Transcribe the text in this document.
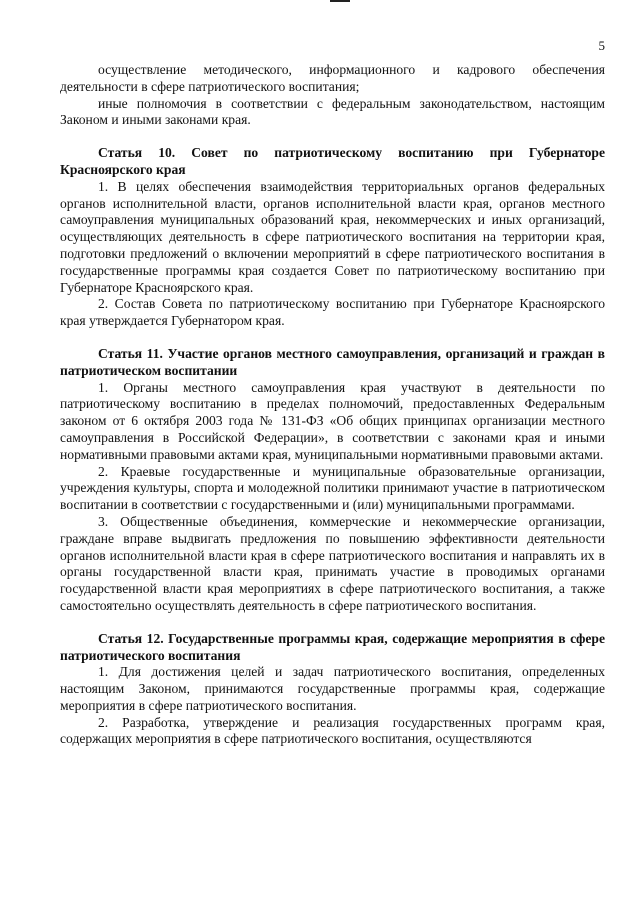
5

осуществление методического, информационного и кадрового обеспечения деятельности в сфере патриотического воспитания;

иные полномочия в соответствии с федеральным законодательством, настоящим Законом и иными законами края.

Статья 10. Совет по патриотическому воспитанию при Губернаторе Красноярского края

1. В целях обеспечения взаимодействия территориальных органов федеральных органов исполнительной власти, органов исполнительной власти края, органов местного самоуправления муниципальных образований края, некоммерческих и иных организаций, осуществляющих деятельность в сфере патриотического воспитания на территории края, подготовки предложений о включении мероприятий в сфере патриотического воспитания в государственные программы края создается Совет по патриотическому воспитанию при Губернаторе Красноярского края.

2. Состав Совета по патриотическому воспитанию при Губернаторе Красноярского края утверждается Губернатором края.

Статья 11. Участие органов местного самоуправления, организаций и граждан в патриотическом воспитании

1. Органы местного самоуправления края участвуют в деятельности по патриотическому воспитанию в пределах полномочий, предоставленных Федеральным законом от 6 октября 2003 года № 131-ФЗ «Об общих принципах организации местного самоуправления в Российской Федерации», в соответствии с законами края и иными нормативными правовыми актами края, муниципальными нормативными правовыми актами.

2. Краевые государственные и муниципальные образовательные организации, учреждения культуры, спорта и молодежной политики принимают участие в патриотическом воспитании в соответствии с государственными и (или) муниципальными программами.

3. Общественные объединения, коммерческие и некоммерческие организации, граждане вправе выдвигать предложения по повышению эффективности деятельности органов исполнительной власти края в сфере патриотического воспитания и направлять их в органы государственной власти края, принимать участие в проводимых органами государственной власти края мероприятиях в сфере патриотического воспитания, а также самостоятельно осуществлять деятельность в сфере патриотического воспитания.

Статья 12. Государственные программы края, содержащие мероприятия в сфере патриотического воспитания

1. Для достижения целей и задач патриотического воспитания, определенных настоящим Законом, принимаются государственные программы края, содержащие мероприятия в сфере патриотического воспитания.

2. Разработка, утверждение и реализация государственных программ края, содержащих мероприятия в сфере патриотического воспитания, осуществляются
